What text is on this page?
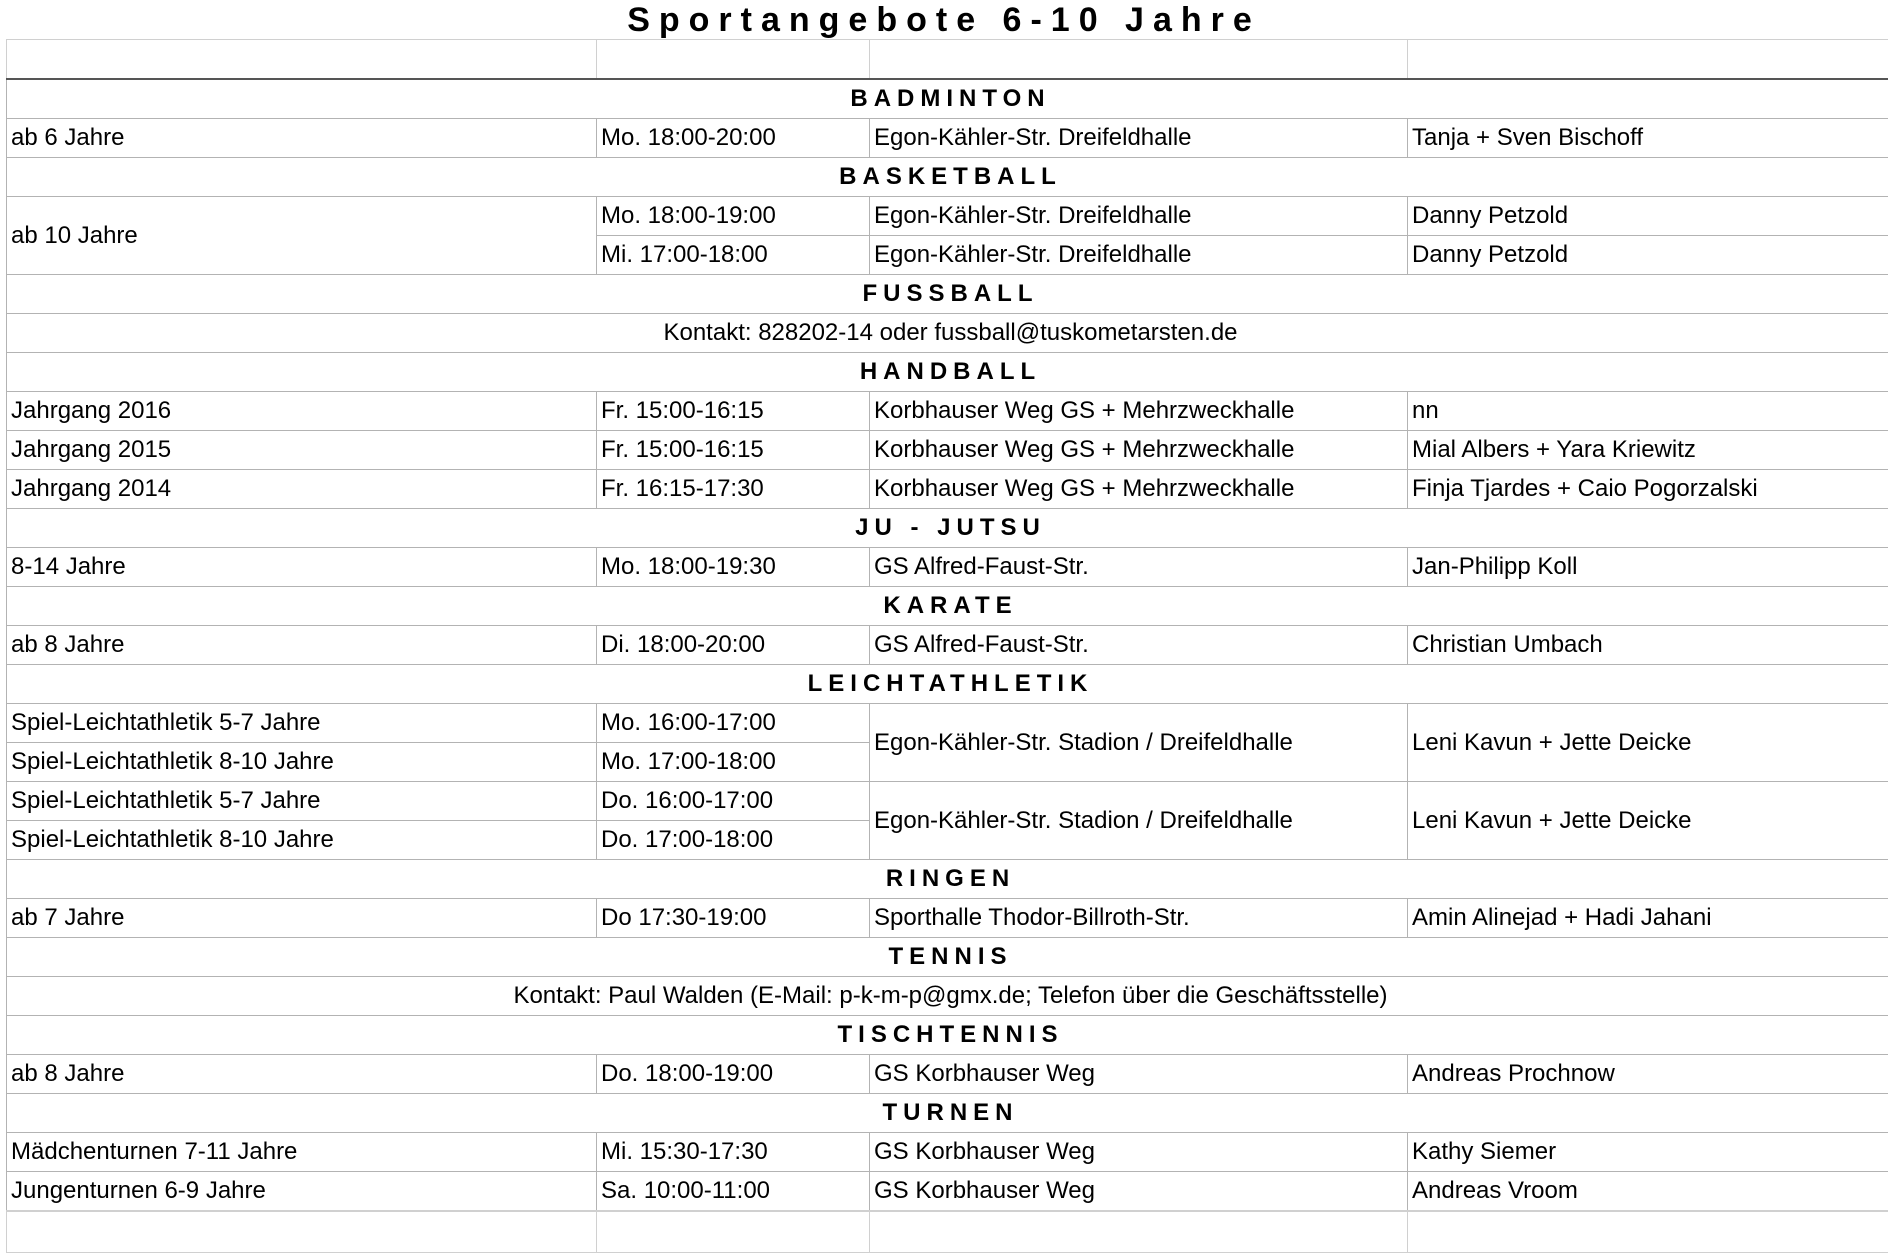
Sportangebote 6-10 Jahre

BADMINTON			
ab 6 Jahre	Mo. 18:00-20:00	Egon-Kähler-Str. Dreifeldhalle	Tanja + Sven Bischoff
BASKETBALL			
ab 10 Jahre	Mo. 18:00-19:00	Egon-Kähler-Str. Dreifeldhalle	Danny Petzold
	Mi. 17:00-18:00	Egon-Kähler-Str. Dreifeldhalle	Danny Petzold
FUSSBALL			
Kontakt: 828202-14 oder fussball@tuskometarsten.de			
HANDBALL			
Jahrgang 2016	Fr. 15:00-16:15	Korbhauser Weg GS + Mehrzweckhalle	nn
Jahrgang 2015	Fr. 15:00-16:15	Korbhauser Weg GS + Mehrzweckhalle	Mial Albers + Yara Kriewitz
Jahrgang 2014	Fr. 16:15-17:30	Korbhauser Weg GS + Mehrzweckhalle	Finja Tjardes + Caio Pogorzalski
JU - JUTSU			
8-14 Jahre	Mo. 18:00-19:30	GS Alfred-Faust-Str.	Jan-Philipp Koll
KARATE			
ab 8 Jahre	Di. 18:00-20:00	GS Alfred-Faust-Str.	Christian Umbach
LEICHTATHLETIK			
Spiel-Leichtathletik 5-7 Jahre	Mo. 16:00-17:00	Egon-Kähler-Str. Stadion / Dreifeldhalle	Leni Kavun + Jette Deicke
Spiel-Leichtathletik 8-10 Jahre	Mo. 17:00-18:00		
Spiel-Leichtathletik 5-7 Jahre	Do. 16:00-17:00	Egon-Kähler-Str. Stadion / Dreifeldhalle	Leni Kavun + Jette Deicke
Spiel-Leichtathletik 8-10 Jahre	Do. 17:00-18:00		
RINGEN			
ab 7 Jahre	Do 17:30-19:00	Sporthalle Thodor-Billroth-Str.	Amin Alinejad + Hadi Jahani
TENNIS			
Kontakt: Paul Walden (E-Mail: p-k-m-p@gmx.de; Telefon über die Geschäftsstelle)			
TISCHTENNIS			
ab 8 Jahre	Do. 18:00-19:00	GS Korbhauser Weg	Andreas Prochnow
TURNEN			
Mädchenturnen 7-11 Jahre	Mi. 15:30-17:30	GS Korbhauser Weg	Kathy Siemer
Jungenturnen 6-9 Jahre	Sa. 10:00-11:00	GS Korbhauser Weg	Andreas Vroom
